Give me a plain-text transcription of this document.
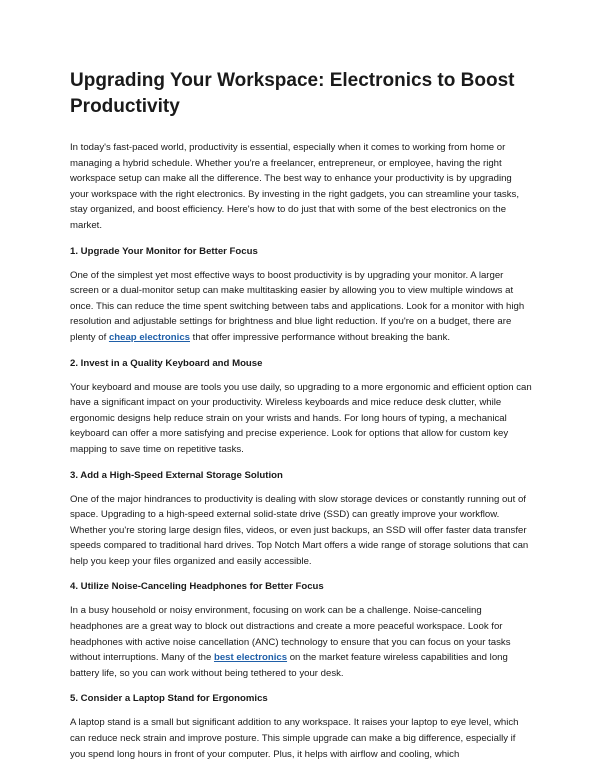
Upgrading Your Workspace: Electronics to Boost Productivity

In today's fast-paced world, productivity is essential, especially when it comes to working from home or managing a hybrid schedule. Whether you're a freelancer, entrepreneur, or employee, having the right workspace setup can make all the difference. The best way to enhance your productivity is by upgrading your workspace with the right electronics. By investing in the right gadgets, you can streamline your tasks, stay organized, and boost efficiency. Here's how to do just that with some of the best electronics on the market.

1. Upgrade Your Monitor for Better Focus

One of the simplest yet most effective ways to boost productivity is by upgrading your monitor. A larger screen or a dual-monitor setup can make multitasking easier by allowing you to view multiple windows at once. This can reduce the time spent switching between tabs and applications. Look for a monitor with high resolution and adjustable settings for brightness and blue light reduction. If you're on a budget, there are plenty of cheap electronics that offer impressive performance without breaking the bank.

2. Invest in a Quality Keyboard and Mouse

Your keyboard and mouse are tools you use daily, so upgrading to a more ergonomic and efficient option can have a significant impact on your productivity. Wireless keyboards and mice reduce desk clutter, while ergonomic designs help reduce strain on your wrists and hands. For long hours of typing, a mechanical keyboard can offer a more satisfying and precise experience. Look for options that allow for custom key mapping to save time on repetitive tasks.

3. Add a High-Speed External Storage Solution

One of the major hindrances to productivity is dealing with slow storage devices or constantly running out of space. Upgrading to a high-speed external solid-state drive (SSD) can greatly improve your workflow. Whether you're storing large design files, videos, or even just backups, an SSD will offer faster data transfer speeds compared to traditional hard drives. Top Notch Mart offers a wide range of storage solutions that can help you keep your files organized and easily accessible.

4. Utilize Noise-Canceling Headphones for Better Focus

In a busy household or noisy environment, focusing on work can be a challenge. Noise-canceling headphones are a great way to block out distractions and create a more peaceful workspace. Look for headphones with active noise cancellation (ANC) technology to ensure that you can focus on your tasks without interruptions. Many of the best electronics on the market feature wireless capabilities and long battery life, so you can work without being tethered to your desk.

5. Consider a Laptop Stand for Ergonomics

A laptop stand is a small but significant addition to any workspace. It raises your laptop to eye level, which can reduce neck strain and improve posture. This simple upgrade can make a big difference, especially if you spend long hours in front of your computer. Plus, it helps with airflow and cooling, which
